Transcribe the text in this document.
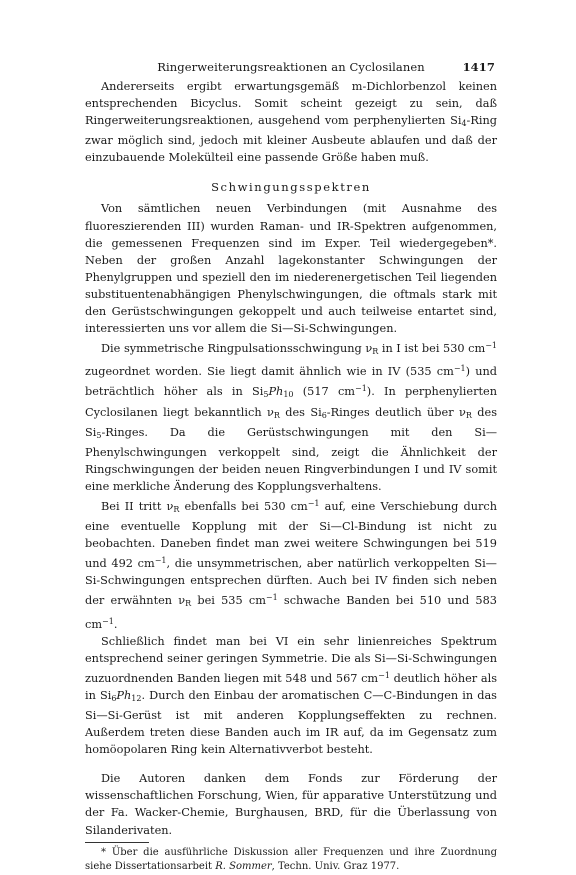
Ringerweiterungsreaktionen an Cyclosilanen	1417

Andererseits ergibt erwartungsgemäß m-Dichlorbenzol keinen entsprechenden Bicyclus. Somit scheint gezeigt zu sein, daß Ringerweiterungsreaktionen, ausgehend vom perphenylierten $Si_4$-Ring zwar möglich sind, jedoch mit kleiner Ausbeute ablaufen und daß der einzubauende Molekülteil eine passende Größe haben muß.

Schwingungsspektren

Von sämtlichen neuen Verbindungen (mit Ausnahme des fluoreszierenden III) wurden Raman- und IR-Spektren aufgenommen, die gemessenen Frequenzen sind im Exper. Teil wiedergegeben*. Neben der großen Anzahl lagekonstanter Schwingungen der Phenylgruppen und speziell den im niederenergetischen Teil liegenden substituentenabhängigen Phenylschwingungen, die oftmals stark mit den Gerüstschwingungen gekoppelt und auch teilweise entartet sind, interessierten uns vor allem die Si—Si-Schwingungen.

Die symmetrische Ringpulsationsschwingung $\nu_R$ in I ist bei 530 $cm^{-1}$ zugeordnet worden. Sie liegt damit ähnlich wie in IV (535 $cm^{-1}$) und beträchtlich höher als in $Si_5Ph_{10}$ (517 $cm^{-1}$). In perphenylierten Cyclosilanen liegt bekanntlich $\nu_R$ des $Si_6$-Ringes deutlich über $\nu_R$ des $Si_5$-Ringes. Da die Gerüstschwingungen mit den Si—Phenylschwingungen verkoppelt sind, zeigt die Ähnlichkeit der Ringschwingungen der beiden neuen Ringverbindungen I und IV somit eine merkliche Änderung des Kopplungsverhaltens.

Bei II tritt $\nu_R$ ebenfalls bei 530 $cm^{-1}$ auf, eine Verschiebung durch eine eventuelle Kopplung mit der Si—Cl-Bindung ist nicht zu beobachten. Daneben findet man zwei weitere Schwingungen bei 519 und 492 $cm^{-1}$, die unsymmetrischen, aber natürlich verkoppelten Si—Si-Schwingungen entsprechen dürften. Auch bei IV finden sich neben der erwähnten $\nu_R$ bei 535 $cm^{-1}$ schwache Banden bei 510 und 583 $cm^{-1}$.

Schließlich findet man bei VI ein sehr linienreiches Spektrum entsprechend seiner geringen Symmetrie. Die als Si—Si-Schwingungen zuzuordnenden Banden liegen mit 548 und 567 $cm^{-1}$ deutlich höher als in $Si_6Ph_{12}$. Durch den Einbau der aromatischen C—C-Bindungen in das Si—Si-Gerüst ist mit anderen Kopplungseffekten zu rechnen. Außerdem treten diese Banden auch im IR auf, da im Gegensatz zum homöopolaren Ring kein Alternativverbot besteht.

Die Autoren danken dem Fonds zur Förderung der wissenschaftlichen Forschung, Wien, für apparative Unterstützung und der Fa. Wacker-Chemie, Burghausen, BRD, für die Überlassung von Silanderivaten.

* Über die ausführliche Diskussion aller Frequenzen und ihre Zuordnung siehe Dissertationsarbeit R. Sommer, Techn. Univ. Graz 1977.
